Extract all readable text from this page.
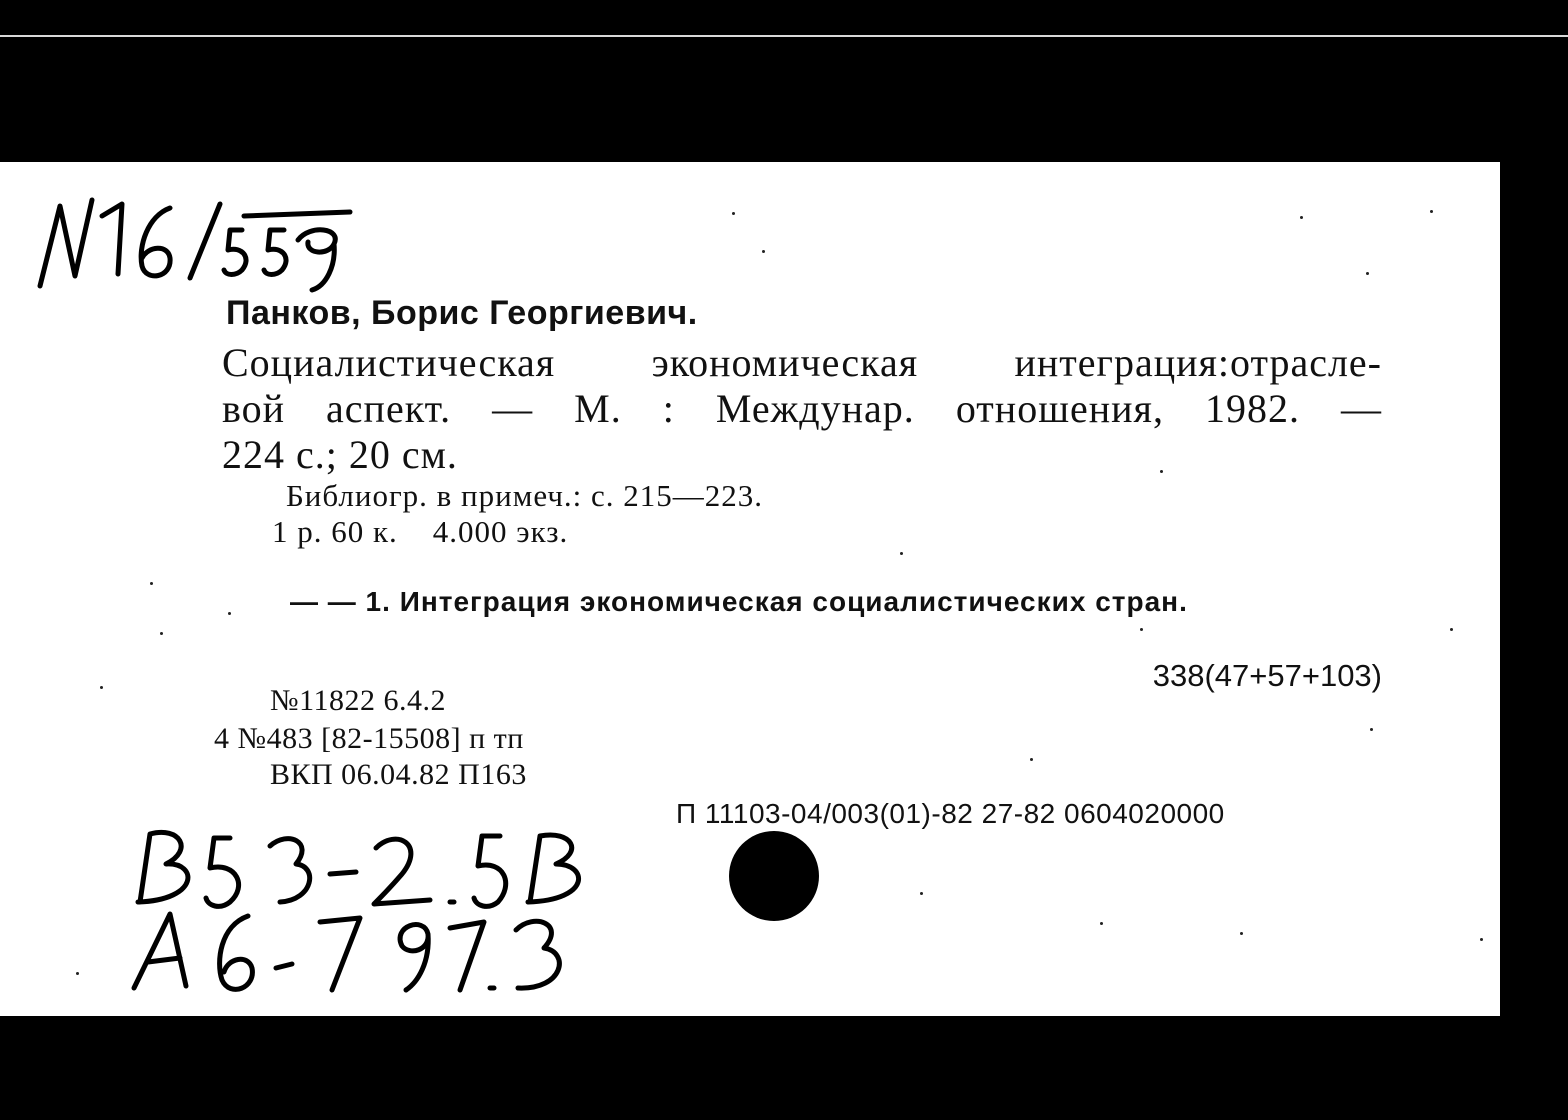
Панков, Борис Георгиевич.
Социалистическая экономическая интеграция:отрасле-
вой аспект. — М. : Междунар. отношения, 1982. —
224 с.; 20 см.
Библиогр. в примеч.: с. 215—223.
1 р. 60 к.    4.000 экз.
— — 1. Интеграция экономическая социалистических стран.
338(47+57+103)
№11822 6.4.2
4 №483 [82-15508] п тп
ВКП 06.04.82 П163
П 11103-04/003(01)-82 27-82 0604020000
